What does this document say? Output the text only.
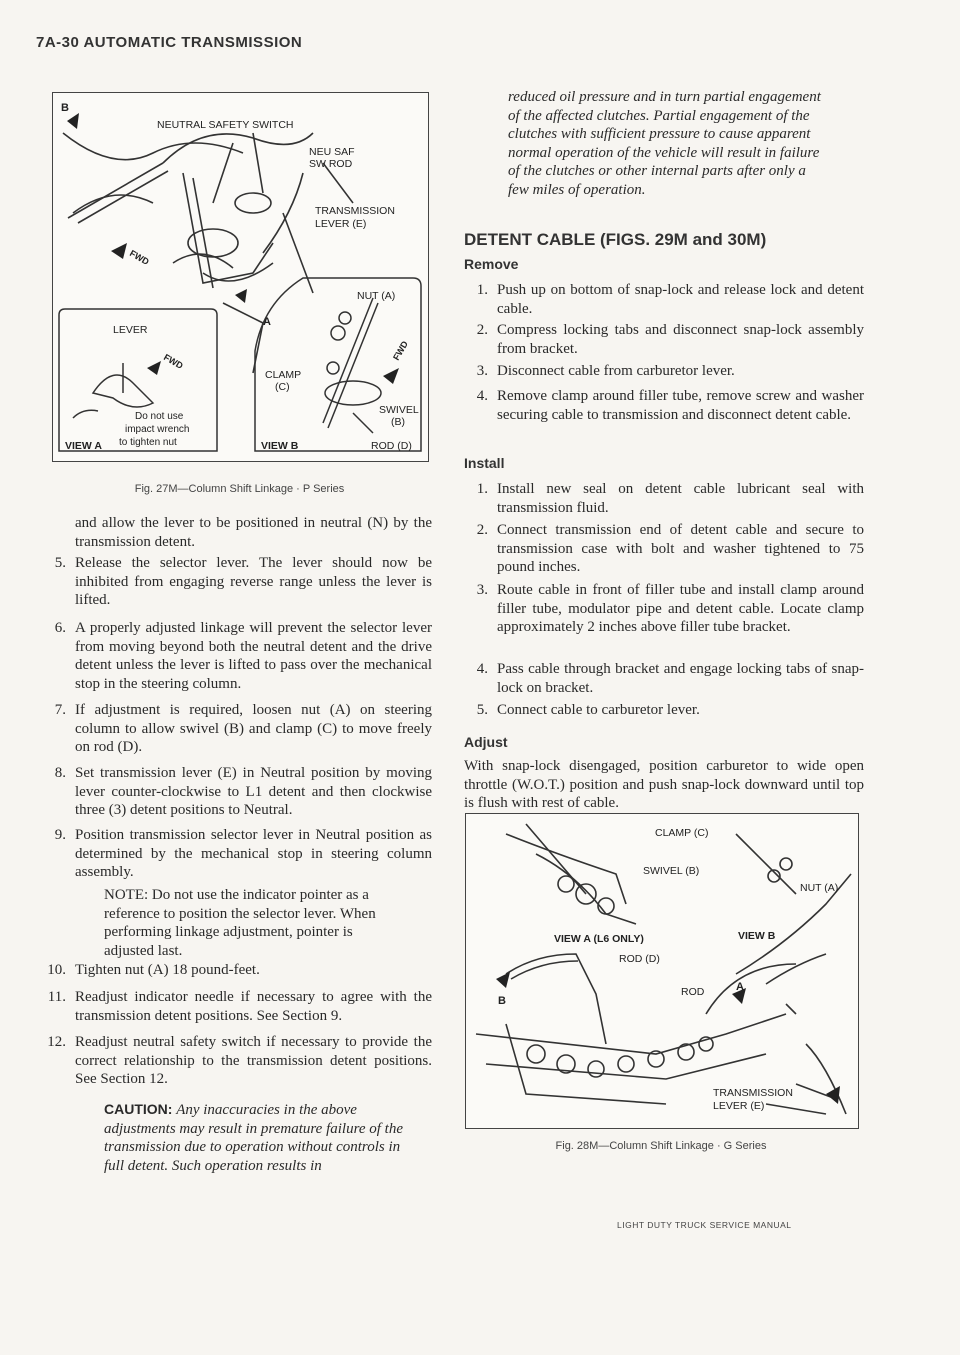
7A-30 AUTOMATIC TRANSMISSION
B
NEUTRAL SAFETY SWITCH
NEU SAF
SW ROD
TRANSMISSION
LEVER (E)
FWD
LEVER
FWD
A
NUT (A)
CLAMP
(C)
SWIVEL
(B)
ROD (D)
FWD
Do not use
impact wrench
to tighten nut
VIEW A	VIEW B
Fig. 27M—Column Shift Linkage · P Series
and allow the lever to be positioned in neutral (N) by the transmission detent.
5. Release the selector lever. The lever should now be inhibited from engaging reverse range unless the lever is lifted.
6. A properly adjusted linkage will prevent the selector lever from moving beyond both the neutral detent and the drive detent unless the lever is lifted to pass over the mechanical stop in the steering column.
7. If adjustment is required, loosen nut (A) on steering column to allow swivel (B) and clamp (C) to move freely on rod (D).
8. Set transmission lever (E) in Neutral position by moving lever counter-clockwise to L1 detent and then clockwise three (3) detent positions to Neutral.
9. Position transmission selector lever in Neutral position as determined by the mechanical stop in steering column assembly.
NOTE: Do not use the indicator pointer as a reference to position the selector lever. When performing linkage adjustment, pointer is adjusted last.
10. Tighten nut (A) 18 pound-feet.
11. Readjust indicator needle if necessary to agree with the transmission detent positions. See Section 9.
12. Readjust neutral safety switch if necessary to provide the correct relationship to the transmission detent positions. See Section 12.
CAUTION: Any inaccuracies in the above adjustments may result in premature failure of the transmission due to operation without controls in full detent. Such operation results in
reduced oil pressure and in turn partial engagement of the affected clutches. Partial engagement of the clutches with sufficient pressure to cause apparent normal operation of the vehicle will result in failure of the clutches or other internal parts after only a few miles of operation.
DETENT CABLE (FIGS. 29M and 30M)
Remove
1. Push up on bottom of snap-lock and release lock and detent cable.
2. Compress locking tabs and disconnect snap-lock assembly from bracket.
3. Disconnect cable from carburetor lever.
4. Remove clamp around filler tube, remove screw and washer securing cable to transmission and disconnect detent cable.
Install
1. Install new seal on detent cable lubricant seal with transmission fluid.
2. Connect transmission end of detent cable and secure to transmission case with bolt and washer tightened to 75 pound inches.
3. Route cable in front of filler tube and install clamp around filler tube, modulator pipe and detent cable. Locate clamp approximately 2 inches above filler tube bracket.
4. Pass cable through bracket and engage locking tabs of snap-lock on bracket.
5. Connect cable to carburetor lever.
Adjust
With snap-lock disengaged, position carburetor to wide open throttle (W.O.T.) position and push snap-lock downward until top is flush with rest of cable.
CLAMP (C)
SWIVEL (B)
NUT (A)
VIEW A (L6 ONLY)	VIEW B
ROD (D)
B
ROD	A
TRANSMISSION
LEVER (E)
Fig. 28M—Column Shift Linkage · G Series
LIGHT DUTY TRUCK SERVICE MANUAL
